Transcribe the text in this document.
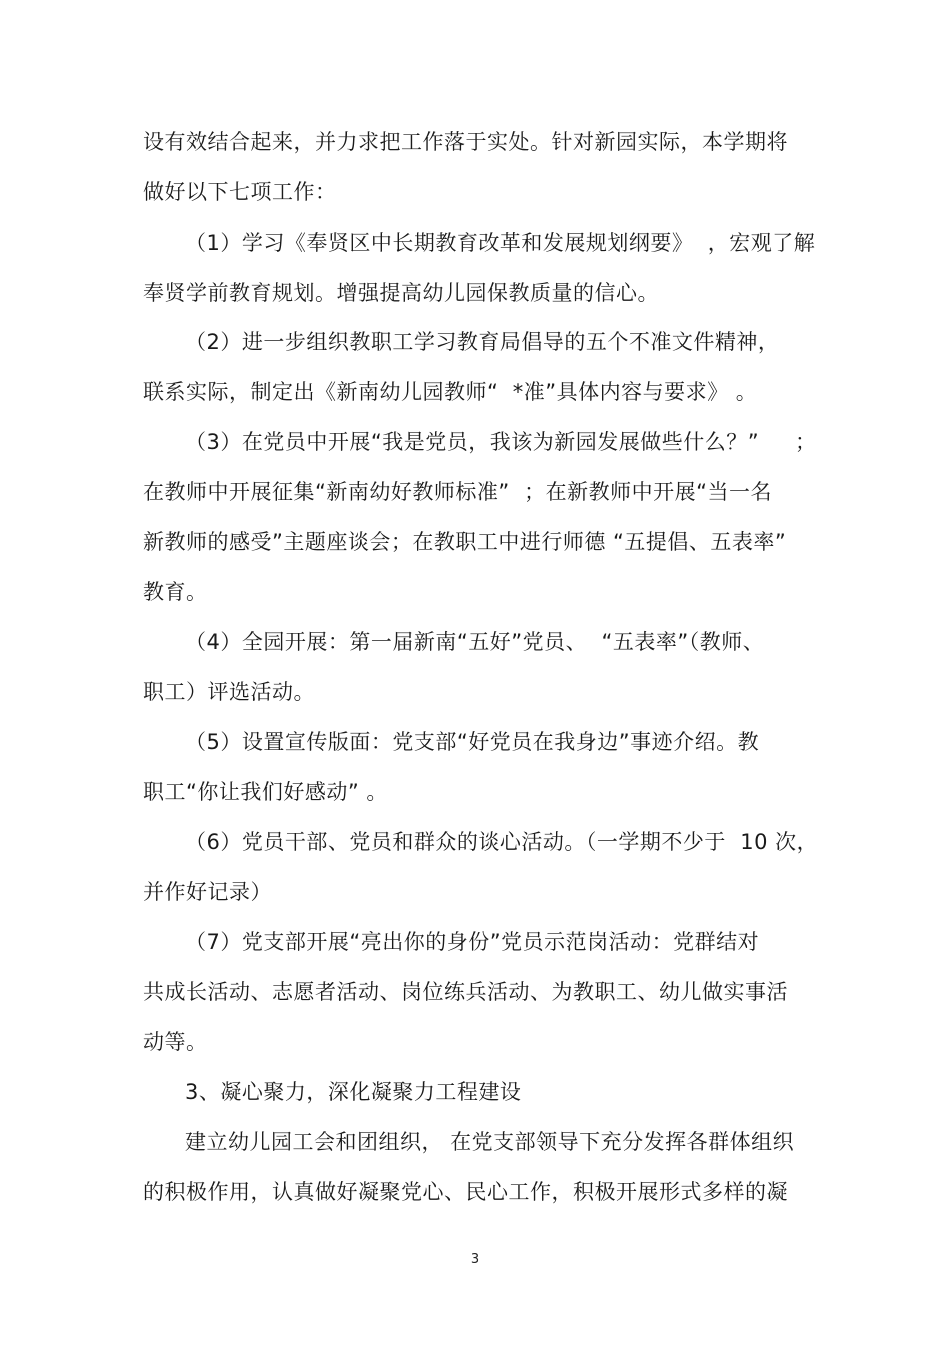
设有效结合起来，并力求把工作落于实处。针对新园实际，本学期将
做好以下七项工作：
（1）学习《奉贤区中长期教育改革和发展规划纲要》  ，宏观了解
奉贤学前教育规划。增强提高幼儿园保教质量的信心。
（2）进一步组织教职工学习教育局倡导的五个不准文件精神，
联系实际，制定出《新南幼儿园教师“  *准”具体内容与要求》 。
（3）在党员中开展“我是党员，我该为新园发展做些什么？”     ；
在教师中开展征集“新南幼好教师标准”  ；在新教师中开展“当一名
新教师的感受”主题座谈会；在教职工中进行师德 “五提倡、五表率”
教育。
（4）全园开展：第一届新南“五好”党员、  “五表率”（教师、
职工）评选活动。
（5）设置宣传版面：党支部“好党员在我身边”事迹介绍。教
职工“你让我们好感动” 。
（6）党员干部、党员和群众的谈心活动。（一学期不少于  10 次，
并作好记录）
（7）党支部开展“亮出你的身份”党员示范岗活动：党群结对
共成长活动、志愿者活动、岗位练兵活动、为教职工、幼儿做实事活
动等。
3、凝心聚力，深化凝聚力工程建设
建立幼儿园工会和团组织， 在党支部领导下充分发挥各群体组织
的积极作用，认真做好凝聚党心、民心工作，积极开展形式多样的凝
3
